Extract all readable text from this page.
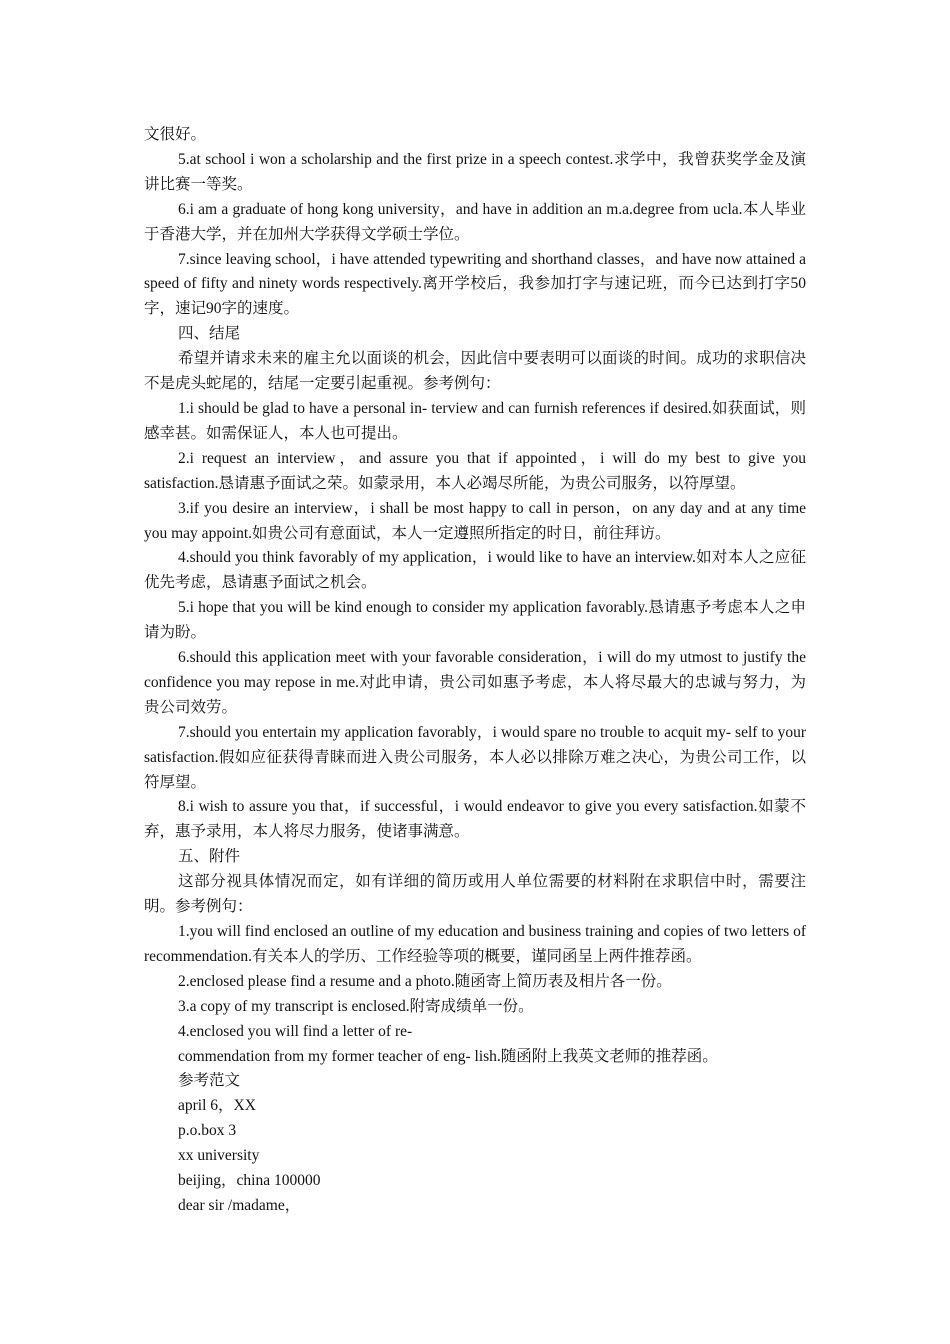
文很好。

5.at school i won a scholarship and the first prize in a speech contest.求学中，我曾获奖学金及演讲比赛一等奖。

6.i am a graduate of hong kong university，and have in addition an m.a.degree from ucla.本人毕业于香港大学，并在加州大学获得文学硕士学位。

7.since leaving school，i have attended typewriting and shorthand classes，and have now attained a speed of fifty and ninety words respectively.离开学校后，我参加打字与速记班，而今已达到打字50字，速记90字的速度。

四、结尾

希望并请求未来的雇主允以面谈的机会，因此信中要表明可以面谈的时间。成功的求职信决不是虎头蛇尾的，结尾一定要引起重视。参考例句：

1.i should be glad to have a personal in- terview and can furnish references if desired.如获面试，则感幸甚。如需保证人，本人也可提出。

2.i request an interview，and assure you that if appointed，i will do my best to give you satisfaction.恳请惠予面试之荣。如蒙录用，本人必竭尽所能，为贵公司服务，以符厚望。

3.if you desire an interview，i shall be most happy to call in person，on any day and at any time you may appoint.如贵公司有意面试，本人一定遵照所指定的时日，前往拜访。

4.should you think favorably of my application，i would like to have an interview.如对本人之应征优先考虑，恳请惠予面试之机会。

5.i hope that you will be kind enough to consider my application favorably.恳请惠予考虑本人之申请为盼。

6.should this application meet with your favorable consideration，i will do my utmost to justify the confidence you may repose in me.对此申请，贵公司如惠予考虑，本人将尽最大的忠诚与努力，为贵公司效劳。

7.should you entertain my application favorably，i would spare no trouble to acquit my- self to your satisfaction.假如应征获得青睐而进入贵公司服务，本人必以排除万难之决心，为贵公司工作，以符厚望。

8.i wish to assure you that，if successful，i would endeavor to give you every satisfaction.如蒙不弃，惠予录用，本人将尽力服务，使诸事满意。

五、附件

这部分视具体情况而定，如有详细的简历或用人单位需要的材料附在求职信中时，需要注明。参考例句：

1.you will find enclosed an outline of my education and business training and copies of two letters of recommendation.有关本人的学历、工作经验等项的概要，谨同函呈上两件推荐函。

2.enclosed please find a resume and a photo.随函寄上简历表及相片各一份。

3.a copy of my transcript is enclosed.附寄成绩单一份。

4.enclosed you will find a letter of re-

commendation from my former teacher of eng- lish.随函附上我英文老师的推荐函。

参考范文

april 6，XX

p.o.box 3

xx university

beijing，china 100000

dear sir /madame，
